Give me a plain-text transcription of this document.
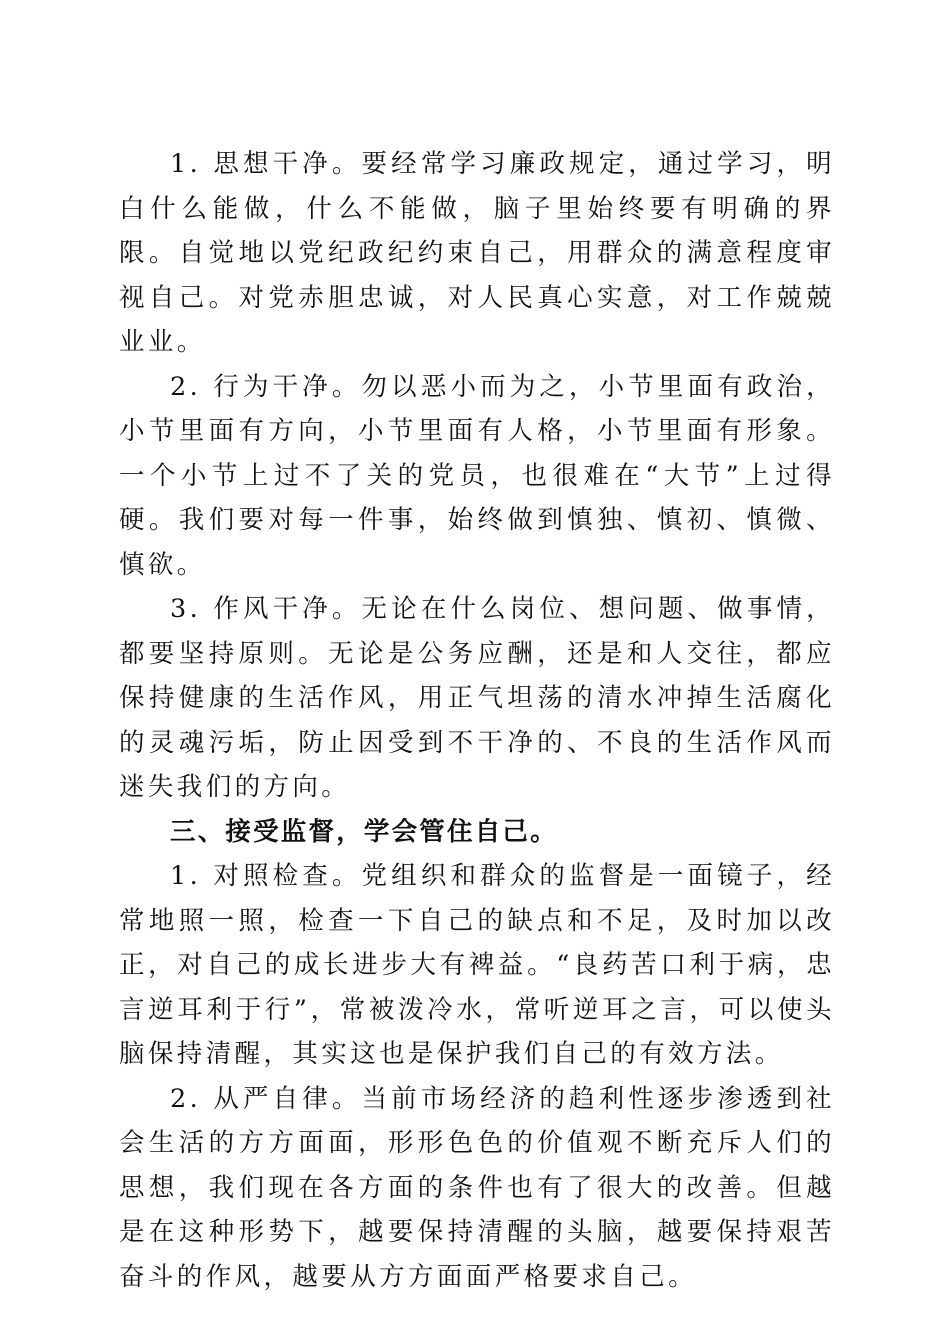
1. 思想干净。要经常学习廉政规定，通过学习，明白什么能做，什么不能做，脑子里始终要有明确的界限。自觉地以党纪政纪约束自己，用群众的满意程度审视自己。对党赤胆忠诚，对人民真心实意，对工作兢兢业业。

2. 行为干净。勿以恶小而为之，小节里面有政治，小节里面有方向，小节里面有人格，小节里面有形象。一个小节上过不了关的党员，也很难在“大节”上过得硬。我们要对每一件事，始终做到慎独、慎初、慎微、慎欲。

3. 作风干净。无论在什么岗位、想问题、做事情，都要坚持原则。无论是公务应酬，还是和人交往，都应保持健康的生活作风，用正气坦荡的清水冲掉生活腐化的灵魂污垢，防止因受到不干净的、不良的生活作风而迷失我们的方向。

三、接受监督，学会管住自己。

1. 对照检查。党组织和群众的监督是一面镜子，经常地照一照，检查一下自己的缺点和不足，及时加以改正，对自己的成长进步大有裨益。“良药苦口利于病，忠言逆耳利于行”，常被泼冷水，常听逆耳之言，可以使头脑保持清醒，其实这也是保护我们自己的有效方法。

2. 从严自律。当前市场经济的趋利性逐步渗透到社会生活的方方面面，形形色色的价值观不断充斥人们的思想，我们现在各方面的条件也有了很大的改善。但越是在这种形势下，越要保持清醒的头脑，越要保持艰苦奋斗的作风，越要从方方面面严格要求自己。
